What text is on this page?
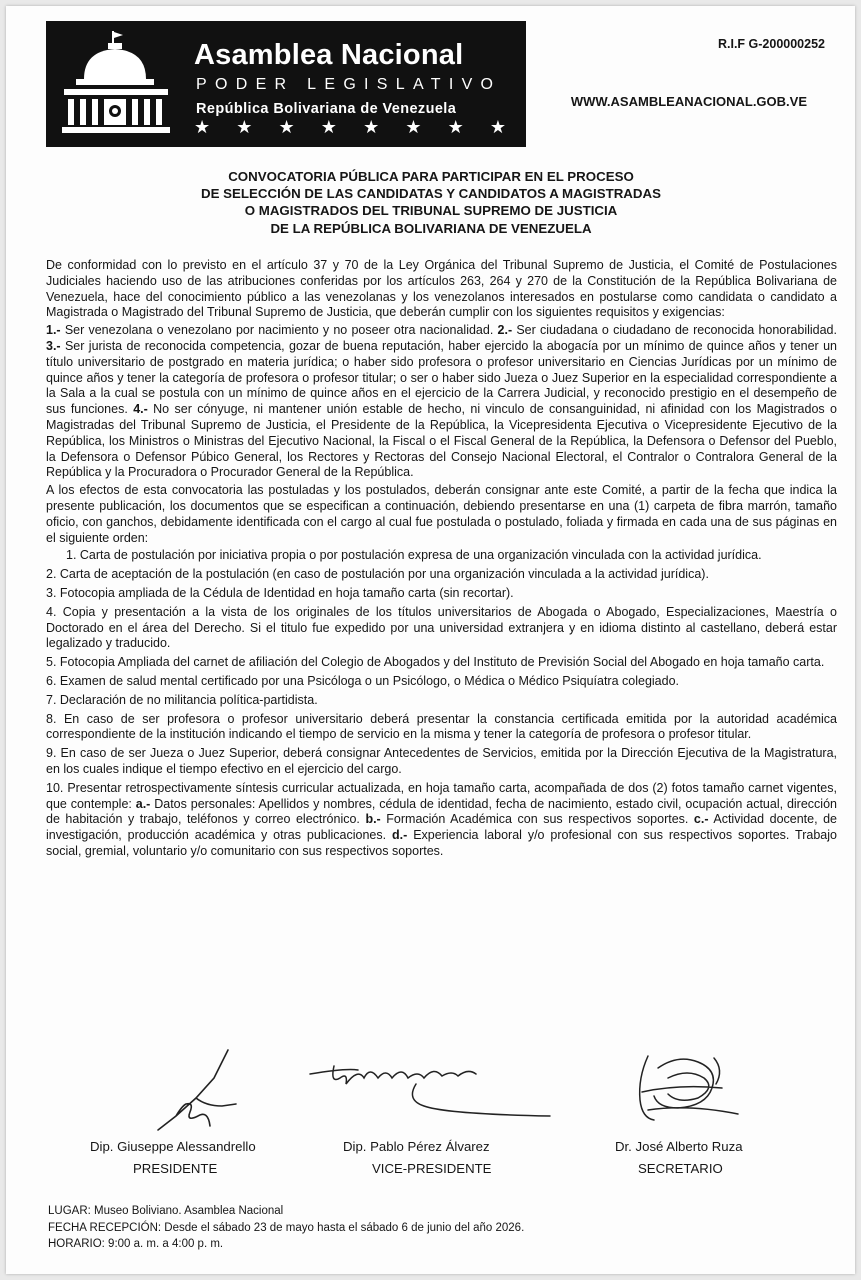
Asamblea Nacional
PODER LEGISLATIVO
República Bolivariana de Venezuela
★ ★ ★ ★ ★ ★ ★ ★
R.I.F G-200000252
WWW.ASAMBLEANACIONAL.GOB.VE
CONVOCATORIA PÚBLICA PARA PARTICIPAR EN EL PROCESO
DE SELECCIÓN DE LAS CANDIDATAS Y CANDIDATOS A MAGISTRADAS
O MAGISTRADOS DEL TRIBUNAL SUPREMO DE JUSTICIA
DE LA REPÚBLICA BOLIVARIANA DE VENEZUELA

De conformidad con lo previsto en el artículo 37 y 70 de la Ley Orgánica del Tribunal Supremo de Justicia, el Comité de Postulaciones Judiciales haciendo uso de las atribuciones conferidas por los artículos 263, 264 y 270 de la Constitución de la República Bolivariana de Venezuela, hace del conocimiento público a las venezolanas y los venezolanos interesados en postularse como candidata o candidato a Magistrada o Magistrado del Tribunal Supremo de Justicia, que deberán cumplir con los siguientes requisitos y exigencias:

1.- Ser venezolana o venezolano por nacimiento y no poseer otra nacionalidad. 2.- Ser ciudadana o ciudadano de reconocida honorabilidad. 3.- Ser jurista de reconocida competencia, gozar de buena reputación, haber ejercido la abogacía por un mínimo de quince años y tener un título universitario de postgrado en materia jurídica; o haber sido profesora o profesor universitario en Ciencias Jurídicas por un mínimo de quince años y tener la categoría de profesora o profesor titular; o ser o haber sido Jueza o Juez Superior en la especialidad correspondiente a la Sala a la cual se postula con un mínimo de quince años en el ejercicio de la Carrera Judicial, y reconocido prestigio en el desempeño de sus funciones. 4.- No ser cónyuge, ni mantener unión estable de hecho, ni vinculo de consanguinidad, ni afinidad con los Magistrados o Magistradas del Tribunal Supremo de Justicia, el Presidente de la República, la Vicepresidenta Ejecutiva o Vicepresidente Ejecutivo de la República, los Ministros o Ministras del Ejecutivo Nacional, la Fiscal o el Fiscal General de la República, la Defensora o Defensor del Pueblo, la Defensora o Defensor Púbico General, los Rectores y Rectoras del Consejo Nacional Electoral, el Contralor o Contralora General de la República y la Procuradora o Procurador General de la República.

A los efectos de esta convocatoria las postuladas y los postulados, deberán consignar ante este Comité, a partir de la fecha que indica la presente publicación, los documentos que se especifican a continuación, debiendo presentarse en una (1) carpeta de fibra marrón, tamaño oficio, con ganchos, debidamente identificada con el cargo al cual fue postulada o postulado, foliada y firmada en cada una de sus páginas en el siguiente orden:

1. Carta de postulación por iniciativa propia o por postulación expresa de una organización vinculada con la actividad jurídica.
2. Carta de aceptación de la postulación (en caso de postulación por una organización vinculada a la actividad jurídica).
3. Fotocopia ampliada de la Cédula de Identidad en hoja tamaño carta (sin recortar).
4. Copia y presentación a la vista de los originales de los títulos universitarios de Abogada o Abogado, Especializaciones, Maestría o Doctorado en el área del Derecho. Si el titulo fue expedido por una universidad extranjera y en idioma distinto al castellano, deberá estar legalizado y traducido.
5. Fotocopia Ampliada del carnet de afiliación del Colegio de Abogados y del Instituto de Previsión Social del Abogado en hoja tamaño carta.
6. Examen de salud mental certificado por una Psicóloga o un Psicólogo, o Médica o Médico Psiquíatra colegiado.
7. Declaración de no militancia política-partidista.
8. En caso de ser profesora o profesor universitario deberá presentar la constancia certificada emitida por la autoridad académica correspondiente de la institución indicando el tiempo de servicio en la misma y tener la categoría de profesora o profesor titular.
9. En caso de ser Jueza o Juez Superior, deberá consignar Antecedentes de Servicios, emitida por la Dirección Ejecutiva de la Magistratura, en los cuales indique el tiempo efectivo en el ejercicio del cargo.
10. Presentar retrospectivamente síntesis curricular actualizada, en hoja tamaño carta, acompañada de dos (2) fotos tamaño carnet vigentes, que contemple: a.- Datos personales: Apellidos y nombres, cédula de identidad, fecha de nacimiento, estado civil, ocupación actual, dirección de habitación y trabajo, teléfonos y correo electrónico. b.- Formación Académica con sus respectivos soportes. c.- Actividad docente, de investigación, producción académica y otras publicaciones. d.- Experiencia laboral y/o profesional con sus respectivos soportes. Trabajo social, gremial, voluntario y/o comunitario con sus respectivos soportes.
Dip. Giuseppe Alessandrello
PRESIDENTE
Dip. Pablo Pérez Álvarez
VICE-PRESIDENTE
Dr. José Alberto Ruza
SECRETARIO
LUGAR: Museo Boliviano. Asamblea Nacional
FECHA RECEPCIÓN: Desde el sábado 23 de mayo hasta el sábado 6 de junio del año 2026.
HORARIO: 9:00 a. m. a 4:00 p. m.
